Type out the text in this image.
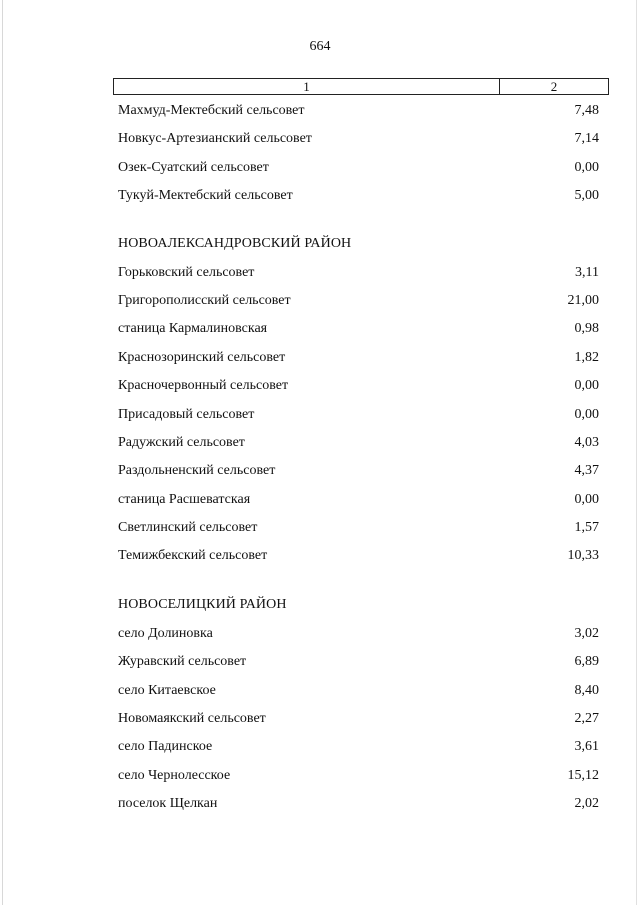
664
1	2
Махмуд-Мектебский сельсовет	7,48
Новкус-Артезианский сельсовет	7,14
Озек-Суатский сельсовет	0,00
Тукуй-Мектебский сельсовет	5,00
НОВОАЛЕКСАНДРОВСКИЙ РАЙОН
Горьковский сельсовет	3,11
Григорополисский сельсовет	21,00
станица Кармалиновская	0,98
Краснозоринский сельсовет	1,82
Красночервонный сельсовет	0,00
Присадовый сельсовет	0,00
Радужский сельсовет	4,03
Раздольненский сельсовет	4,37
станица Расшеватская	0,00
Светлинский сельсовет	1,57
Темижбекский сельсовет	10,33
НОВОСЕЛИЦКИЙ РАЙОН
село Долиновка	3,02
Журавский сельсовет	6,89
село Китаевское	8,40
Новомаякский сельсовет	2,27
село Падинское	3,61
село Чернолесское	15,12
поселок Щелкан	2,02
